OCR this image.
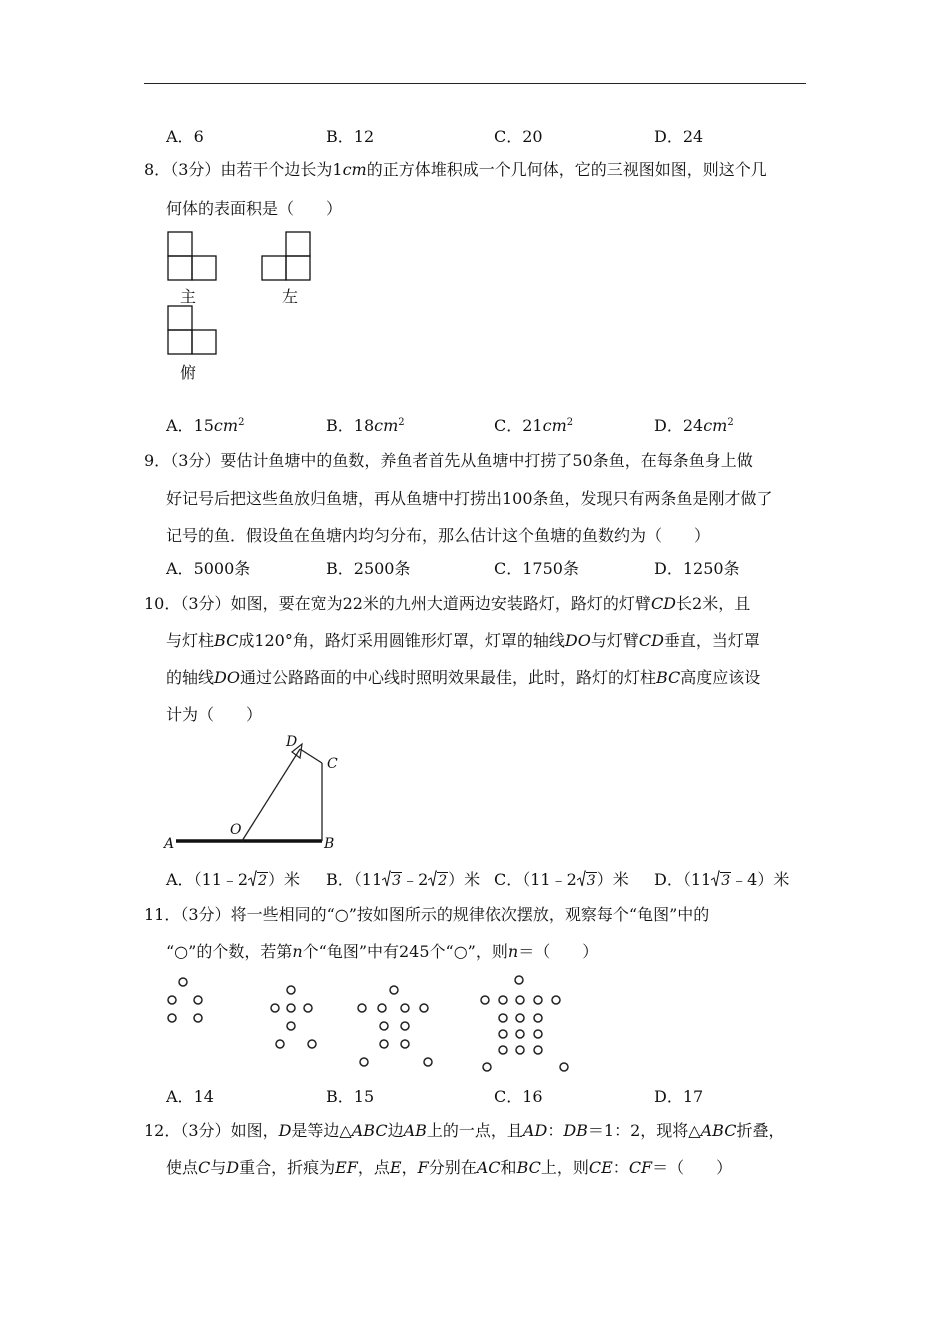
A．6	B．12	C．20	D．24
8．（3分）由若干个边长为1cm的正方体堆积成一个几何体，它的三视图如图，则这个几
何体的表面积是（　　）
主	左
俯
A．$15cm^2$	B．$18cm^2$	C．$21cm^2$	D．$24cm^2$
9．（3分）要估计鱼塘中的鱼数，养鱼者首先从鱼塘中打捞了50条鱼，在每条鱼身上做
好记号后把这些鱼放归鱼塘，再从鱼塘中打捞出100条鱼，发现只有两条鱼是刚才做了
记号的鱼．假设鱼在鱼塘内均匀分布，那么估计这个鱼塘的鱼数约为（　　）
A．5000条	B．2500条	C．1750条	D．1250条
10．（3分）如图，要在宽为22米的九州大道两边安装路灯，路灯的灯臂CD长2米，且
与灯柱BC成120°角，路灯采用圆锥形灯罩，灯罩的轴线DO与灯臂CD垂直，当灯罩
的轴线DO通过公路路面的中心线时照明效果最佳，此时，路灯的灯柱BC高度应该设
计为（　　）
A	B
C
D
O
A．（11﹣2 2）米 B．（11 3﹣2 2）米 C．（11﹣2 3）米 D．（11 3﹣4）米
11．（3分）将一些相同的“○”按如图所示的规律依次摆放，观察每个“龟图”中的
“○”的个数，若第n个“龟图”中有245个“○”，则n＝（　　）
A．14	B．15	C．16	D．17
12．（3分）如图，D是等边△ABC边AB上的一点，且AD：DB＝1：2，现将△ABC折叠，
使点C与D重合，折痕为EF，点E，F分别在AC和BC上，则CE：CF＝（　　）
